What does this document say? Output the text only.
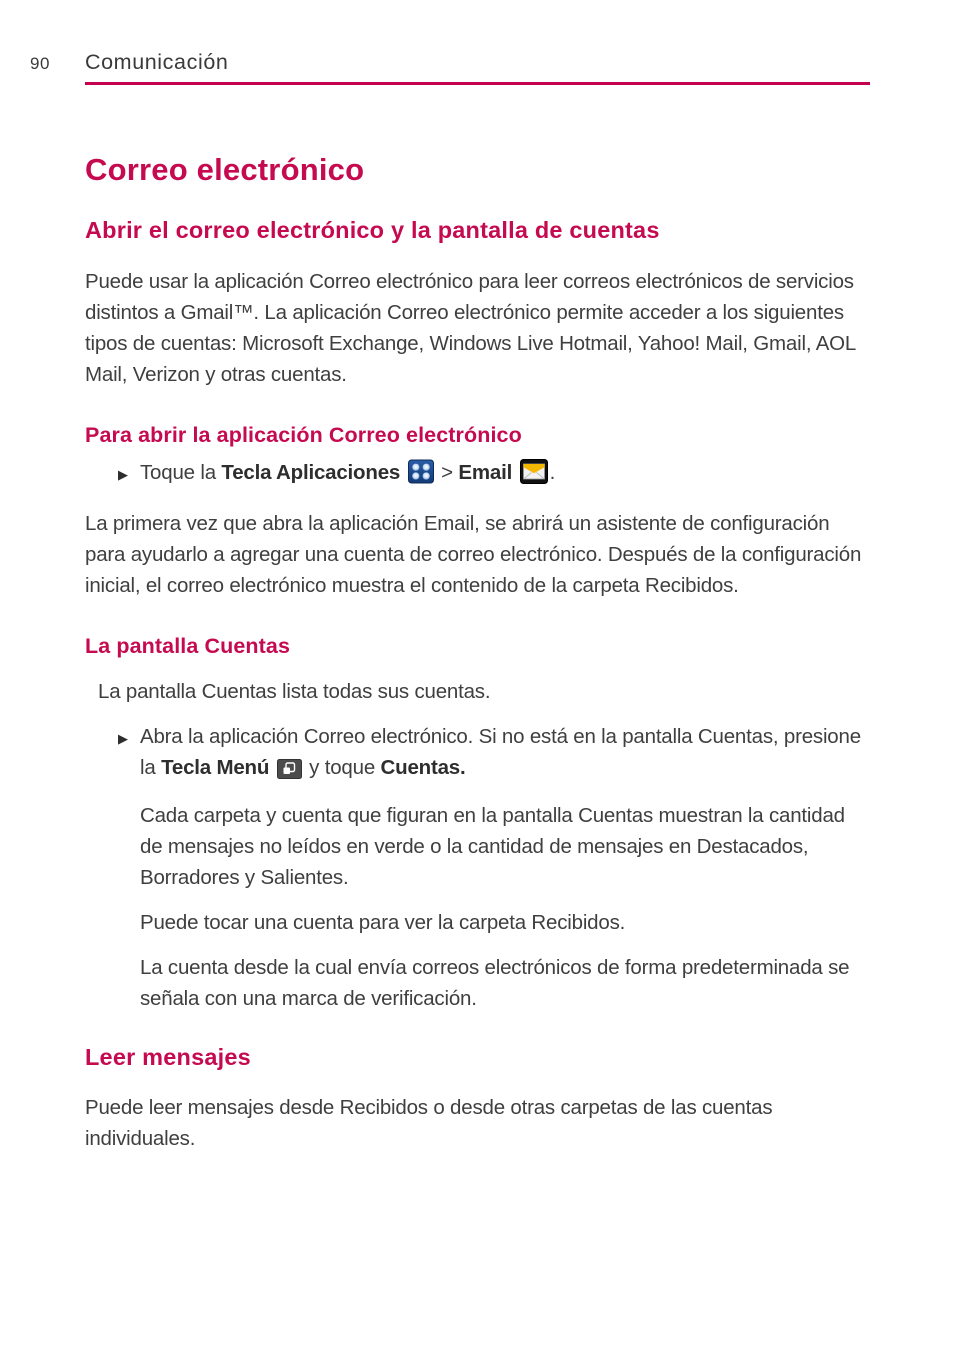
90 Comunicación
Correo electrónico
Abrir el correo electrónico y la pantalla de cuentas

Puede usar la aplicación Correo electrónico para leer correos electrónicos de servicios distintos a Gmail™. La aplicación Correo electrónico permite acceder a los siguientes tipos de cuentas: Microsoft Exchange, Windows Live Hotmail, Yahoo! Mail, Gmail, AOL Mail, Verizon y otras cuentas.

Para abrir la aplicación Correo electrónico
▶ Toque la Tecla Aplicaciones  > Email .

La primera vez que abra la aplicación Email, se abrirá un asistente de configuración para ayudarlo a agregar una cuenta de correo electrónico. Después de la configuración inicial, el correo electrónico muestra el contenido de la carpeta Recibidos.

La pantalla Cuentas

La pantalla Cuentas lista todas sus cuentas.

▶ Abra la aplicación Correo electrónico. Si no está en la pantalla Cuentas, presione la Tecla Menú  y toque Cuentas.

Cada carpeta y cuenta que figuran en la pantalla Cuentas muestran la cantidad de mensajes no leídos en verde o la cantidad de mensajes en Destacados, Borradores y Salientes.

Puede tocar una cuenta para ver la carpeta Recibidos.

La cuenta desde la cual envía correos electrónicos de forma predeterminada se señala con una marca de verificación.

Leer mensajes

Puede leer mensajes desde Recibidos o desde otras carpetas de las cuentas individuales.
